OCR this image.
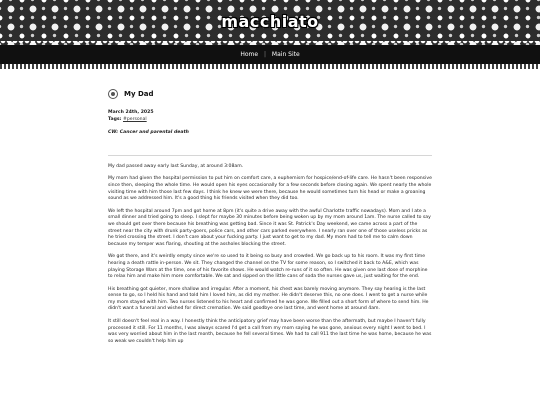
macchiato
Home | Main Site
My Dad
March 24th, 2025
Tags: #personal
CW: Cancer and parental death

My dad passed away early last Sunday, at around 3:08am.

My mom had given the hospital permission to put him on comfort care, a euphemism for hospice/end-of-life care. He hasn't been responsive since then, sleeping the whole time. He would open his eyes occasionally for a few seconds before closing again. We spent nearly the whole visiting time with him those last few days. I think he knew we were there, because he would sometimes turn his head or make a groaning sound as we addressed him. It's a good thing his friends visited when they did too.

We left the hospital around 7pm and got home at 8pm (it's quite a drive away with the awful Charlotte traffic nowadays). Mom and I ate a small dinner and tried going to sleep. I slept for maybe 30 minutes before being woken up by my mom around 1am. The nurse called to say we should get over there because his breathing was getting bad. Since it was St. Patrick's Day weekend, we came across a part of the street near the city with drunk party-goers, police cars, and other cars parked everywhere. I nearly ran over one of those useless pricks as he tried crossing the street. I don't care about your fucking party. I just want to get to my dad. My mom had to tell me to calm down because my temper was flaring, shouting at the assholes blocking the street.

We got there, and it's weirdly empty since we're so used to it being so busy and crowded. We go back up to his room. It was my first time hearing a death rattle in-person. We sit. They changed the channel on the TV for some reason, so I switched it back to A&E, which was playing Storage Wars at the time, one of his favorite shows. He would watch re-runs of it so often. He was given one last dose of morphine to relax him and make him more comfortable. We sat and sipped on the little cans of soda the nurses gave us, just waiting for the end.

His breathing got quieter, more shallow and irregular. After a moment, his chest was barely moving anymore. They say hearing is the last sense to go, so I held his hand and told him I loved him, as did my mother. He didn't deserve this, no one does. I went to get a nurse while my mom stayed with him. Two nurses listened to his heart and confirmed he was gone. We filled out a short form of where to send him. He didn't want a funeral and wished for direct cremation. We said goodbye one last time, and went home at around 4am.

It still doesn't feel real in a way. I honestly think the anticipatory grief may have been worse than the aftermath, but maybe I haven't fully processed it still. For 11 months, I was always scared I'd get a call from my mom saying he was gone, anxious every night I went to bed. I was very worried about him in the last month, because he fell several times. We had to call 911 the last time he was home, because he was so weak we couldn't help him up
